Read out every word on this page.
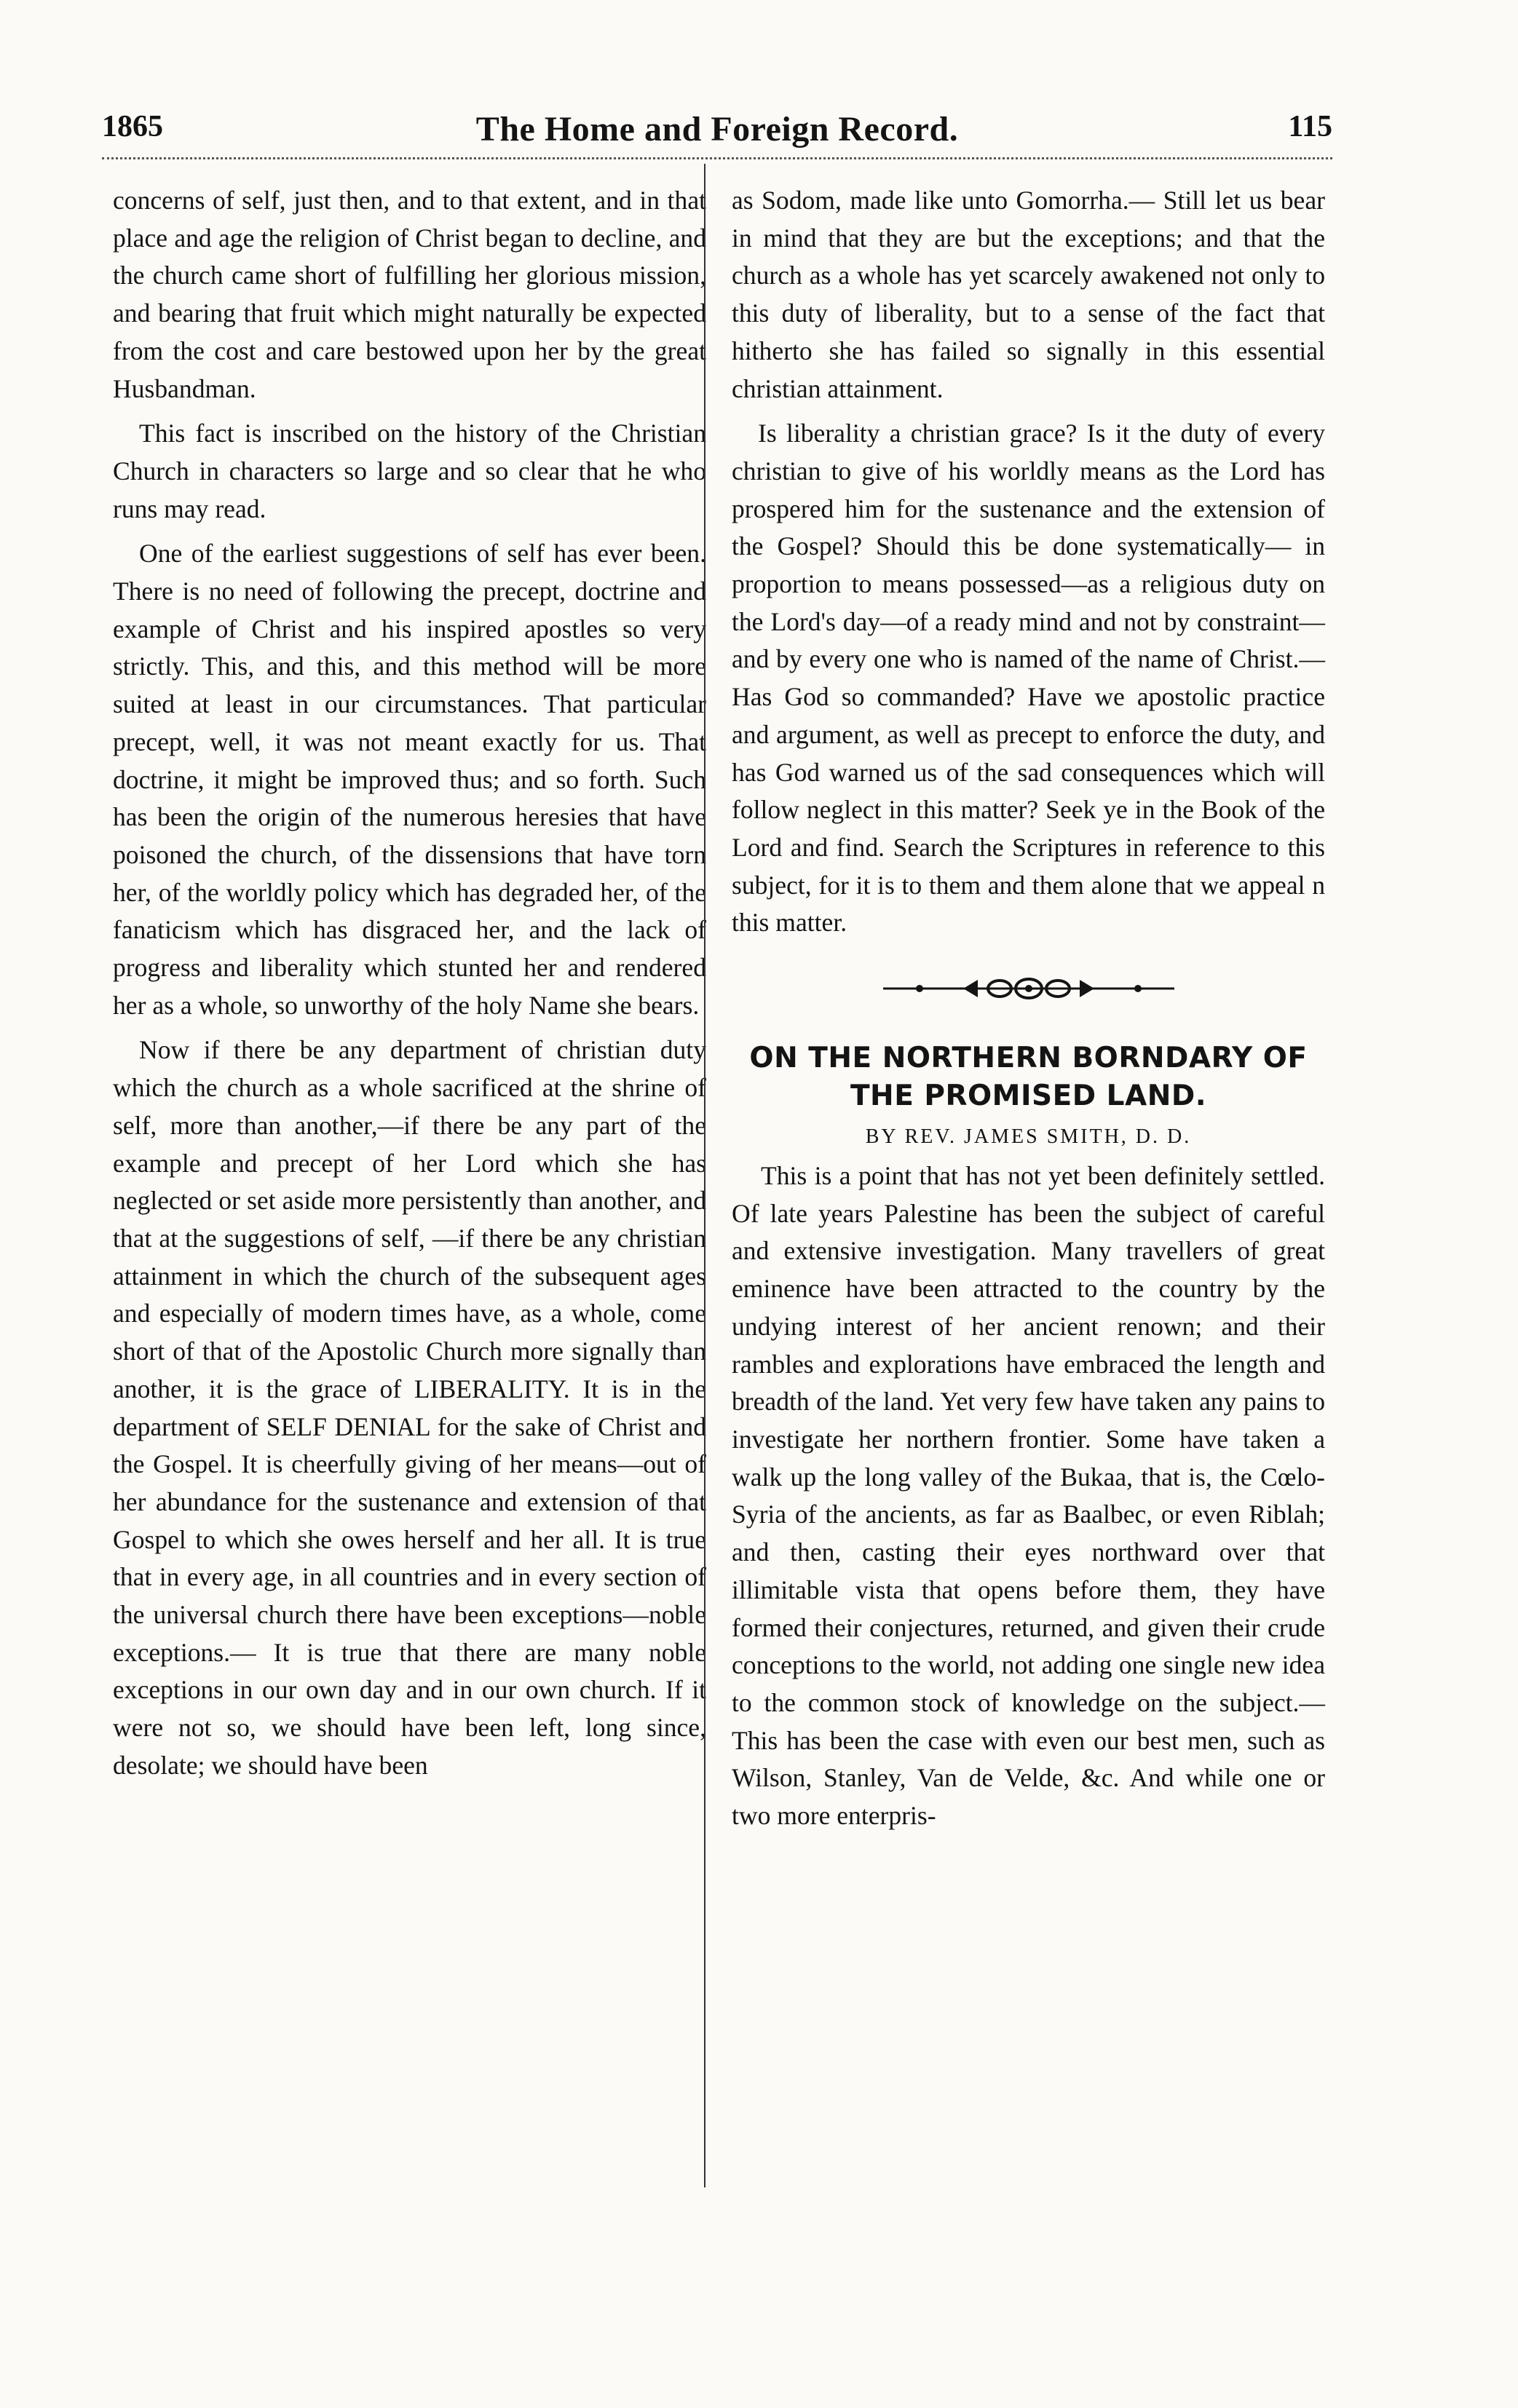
1865	The Home and Foreign Record.	115

concerns of self, just then, and to that extent, and in that place and age the religion of Christ began to decline, and the church came short of fulfilling her glorious mission, and bearing that fruit which might naturally be expected from the cost and care bestowed upon her by the great Husbandman.

This fact is inscribed on the history of the Christian Church in characters so large and so clear that he who runs may read.

One of the earliest suggestions of self has ever been. There is no need of following the precept, doctrine and example of Christ and his inspired apostles so very strictly. This, and this, and this method will be more suited at least in our circumstances. That particular precept, well, it was not meant exactly for us. That doctrine, it might be improved thus; and so forth. Such has been the origin of the numerous heresies that have poisoned the church, of the dissensions that have torn her, of the worldly policy which has degraded her, of the fanaticism which has disgraced her, and the lack of progress and liberality which stunted her and rendered her as a whole, so unworthy of the holy Name she bears.

Now if there be any department of christian duty which the church as a whole sacrificed at the shrine of self, more than another,—if there be any part of the example and precept of her Lord which she has neglected or set aside more persistently than another, and that at the suggestions of self, —if there be any christian attainment in which the church of the subsequent ages and especially of modern times have, as a whole, come short of that of the Apostolic Church more signally than another, it is the grace of LIBERALITY. It is in the department of SELF DENIAL for the sake of Christ and the Gospel. It is cheerfully giving of her means—out of her abundance for the sustenance and extension of that Gospel to which she owes herself and her all. It is true that in every age, in all countries and in every section of the universal church there have been exceptions—noble exceptions.— It is true that there are many noble exceptions in our own day and in our own church. If it were not so, we should have been left, long since, desolate; we should have been

as Sodom, made like unto Gomorrha.— Still let us bear in mind that they are but the exceptions; and that the church as a whole has yet scarcely awakened not only to this duty of liberality, but to a sense of the fact that hitherto she has failed so signally in this essential christian attainment.

Is liberality a christian grace? Is it the duty of every christian to give of his worldly means as the Lord has prospered him for the sustenance and the extension of the Gospel? Should this be done systematically— in proportion to means possessed—as a religious duty on the Lord's day—of a ready mind and not by constraint—and by every one who is named of the name of Christ.— Has God so commanded? Have we apostolic practice and argument, as well as precept to enforce the duty, and has God warned us of the sad consequences which will follow neglect in this matter? Seek ye in the Book of the Lord and find. Search the Scriptures in reference to this subject, for it is to them and them alone that we appeal n this matter.

ON THE NORTHERN BORNDARY OF THE PROMISED LAND.
BY REV. JAMES SMITH, D. D.

This is a point that has not yet been definitely settled. Of late years Palestine has been the subject of careful and extensive investigation. Many travellers of great eminence have been attracted to the country by the undying interest of her ancient renown; and their rambles and explorations have embraced the length and breadth of the land. Yet very few have taken any pains to investigate her northern frontier. Some have taken a walk up the long valley of the Bukaa, that is, the Cœlo-Syria of the ancients, as far as Baalbec, or even Riblah; and then, casting their eyes northward over that illimitable vista that opens before them, they have formed their conjectures, returned, and given their crude conceptions to the world, not adding one single new idea to the common stock of knowledge on the subject.— This has been the case with even our best men, such as Wilson, Stanley, Van de Velde, &c. And while one or two more enterpris-
